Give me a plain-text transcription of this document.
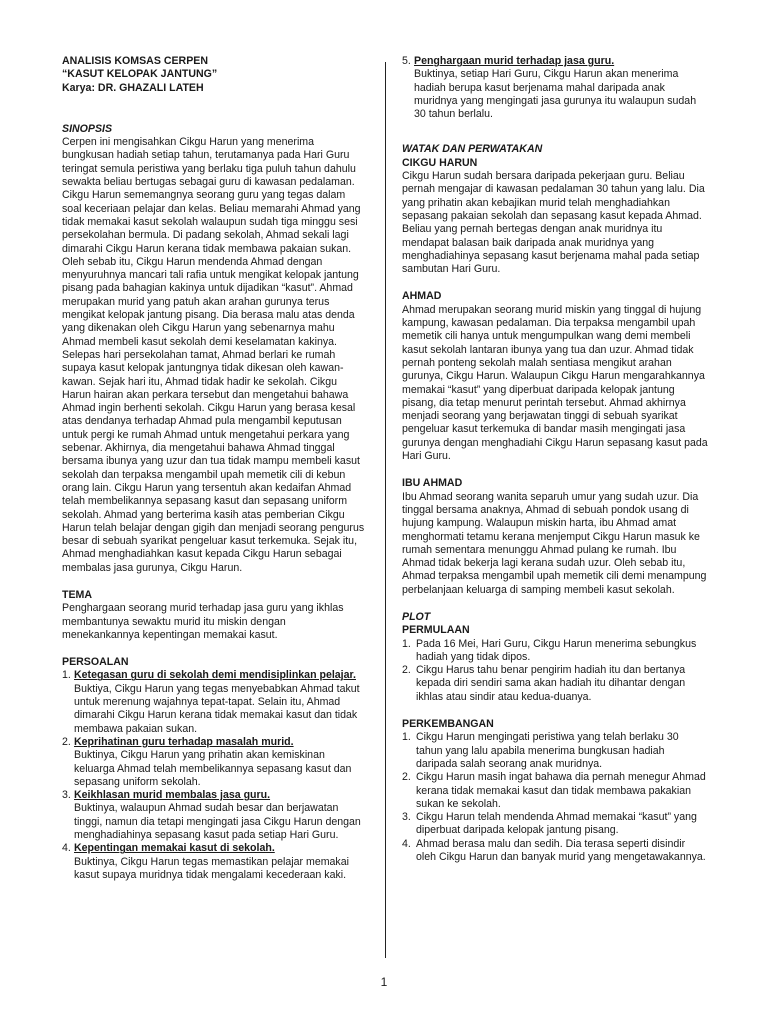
ANALISIS KOMSAS CERPEN
“KASUT KELOPAK JANTUNG”
Karya: DR. GHAZALI LATEH
SINOPSIS

Cerpen ini mengisahkan Cikgu Harun yang menerima bungkusan hadiah setiap tahun, terutamanya pada Hari Guru teringat semula peristiwa yang berlaku tiga puluh tahun dahulu sewakta beliau bertugas sebagai guru di kawasan pedalaman. Cikgu Harun sememangnya seorang guru yang tegas dalam soal keceriaan pelajar dan kelas. Beliau memarahi Ahmad yang tidak memakai kasut sekolah walaupun sudah tiga minggu sesi persekolahan bermula. Di padang sekolah, Ahmad sekali lagi dimarahi Cikgu Harun kerana tidak membawa pakaian sukan. Oleh sebab itu, Cikgu Harun mendenda Ahmad dengan menyuruhnya mancari tali rafia untuk mengikat kelopak jantung pisang pada bahagian kakinya untuk dijadikan “kasut”. Ahmad merupakan murid yang patuh akan arahan gurunya terus mengikat kelopak jantung pisang. Dia berasa malu atas denda yang dikenakan oleh Cikgu Harun yang sebenarnya mahu Ahmad membeli kasut sekolah demi keselamatan kakinya. Selepas hari persekolahan tamat, Ahmad berlari ke rumah supaya kasut kelopak jantungnya tidak dikesan oleh kawan-kawan. Sejak hari itu, Ahmad tidak hadir ke sekolah. Cikgu Harun hairan akan perkara tersebut dan mengetahui bahawa Ahmad ingin berhenti sekolah. Cikgu Harun yang berasa kesal atas dendanya terhadap Ahmad pula mengambil keputusan untuk pergi ke rumah Ahmad untuk mengetahui perkara yang sebenar. Akhirnya, dia mengetahui bahawa Ahmad tinggal bersama ibunya yang uzur dan tua tidak mampu membeli kasut sekolah dan terpaksa mengambil upah memetik cili di kebun orang lain. Cikgu Harun yang tersentuh akan kedaifan Ahmad telah membelikannya sepasang kasut dan sepasang uniform sekolah. Ahmad yang berterima kasih atas pemberian Cikgu Harun telah belajar dengan gigih dan menjadi seorang pengurus besar di sebuah syarikat pengeluar kasut terkemuka. Sejak itu, Ahmad menghadiahkan kasut kepada Cikgu Harun sebagai membalas jasa gurunya, Cikgu Harun.

TEMA

Penghargaan seorang murid terhadap jasa guru yang ikhlas membantunya sewaktu murid itu miskin dengan menekankannya kepentingan memakai kasut.

PERSOALAN
1. Ketegasan guru di sekolah demi mendisiplinkan pelajar.
Buktiya, Cikgu Harun yang tegas menyebabkan Ahmad takut untuk merenung wajahnya tepat-tapat. Selain itu, Ahmad dimarahi Cikgu Harun kerana tidak memakai kasut dan tidak membawa pakaian sukan.
2. Keprihatinan guru terhadap masalah murid.
Buktinya, Cikgu Harun yang prihatin akan kemiskinan keluarga Ahmad telah membelikannya sepasang kasut dan sepasang uniform sekolah.
3. Keikhlasan murid membalas jasa guru.
Buktinya, walaupun Ahmad sudah besar dan berjawatan tinggi, namun dia tetapi mengingati jasa Cikgu Harun dengan menghadiahinya sepasang kasut pada setiap Hari Guru.
4. Kepentingan memakai kasut di sekolah.
Buktinya, Cikgu Harun tegas memastikan pelajar memakai kasut supaya muridnya tidak mengalami kecederaan kaki.
5. Penghargaan murid terhadap jasa guru.
Buktinya, setiap Hari Guru, Cikgu Harun akan menerima hadiah berupa kasut berjenama mahal daripada anak muridnya yang mengingati jasa gurunya itu walaupun sudah 30 tahun berlalu.
WATAK DAN PERWATAKAN
CIKGU HARUN

Cikgu Harun sudah bersara daripada pekerjaan guru. Beliau pernah mengajar di kawasan pedalaman 30 tahun yang lalu. Dia yang prihatin akan kebajikan murid telah menghadiahkan sepasang pakaian sekolah dan sepasang kasut kepada Ahmad. Beliau yang pernah bertegas dengan anak muridnya itu mendapat balasan baik daripada anak muridnya yang menghadiahinya sepasang kasut berjenama mahal pada setiap sambutan Hari Guru.

AHMAD

Ahmad merupakan seorang murid miskin yang tinggal di hujung kampung, kawasan pedalaman. Dia terpaksa mengambil upah memetik cili hanya untuk mengumpulkan wang demi membeli kasut sekolah lantaran ibunya yang tua dan uzur. Ahmad tidak pernah ponteng sekolah malah sentiasa mengikut arahan gurunya, Cikgu Harun. Walaupun Cikgu Harun mengarahkannya memakai “kasut” yang diperbuat daripada kelopak jantung pisang, dia tetap menurut perintah tersebut. Ahmad akhirnya menjadi seorang yang berjawatan tinggi di sebuah syarikat pengeluar kasut terkemuka di bandar masih mengingati jasa gurunya dengan menghadiahi Cikgu Harun sepasang kasut pada Hari Guru.

IBU AHMAD

Ibu Ahmad seorang wanita separuh umur yang sudah uzur. Dia tinggal bersama anaknya, Ahmad di sebuah pondok usang di hujung kampung. Walaupun miskin harta, ibu Ahmad amat menghormati tetamu kerana menjemput Cikgu Harun masuk ke rumah sementara menunggu Ahmad pulang ke rumah. Ibu Ahmad tidak bekerja lagi kerana sudah uzur. Oleh sebab itu, Ahmad terpaksa mengambil upah memetik cili demi menampung perbelanjaan keluarga di samping membeli kasut sekolah.

PLOT
PERMULAAN
1. Pada 16 Mei, Hari Guru, Cikgu Harun menerima sebungkus hadiah yang tidak dipos.
2. Cikgu Harus tahu benar pengirim hadiah itu dan bertanya kepada diri sendiri sama akan hadiah itu dihantar dengan ikhlas atau sindir atau kedua-duanya.
PERKEMBANGAN
1. Cikgu Harun mengingati peristiwa yang telah berlaku 30 tahun yang lalu apabila menerima bungkusan hadiah daripada salah seorang anak muridnya.
2. Cikgu Harun masih ingat bahawa dia pernah menegur Ahmad kerana tidak memakai kasut dan tidak membawa pakakian sukan ke sekolah.
3. Cikgu Harun telah mendenda Ahmad memakai “kasut” yang diperbuat daripada kelopak jantung pisang.
4. Ahmad berasa malu dan sedih. Dia terasa seperti disindir oleh Cikgu Harun dan banyak murid yang mengetawakannya.
1
